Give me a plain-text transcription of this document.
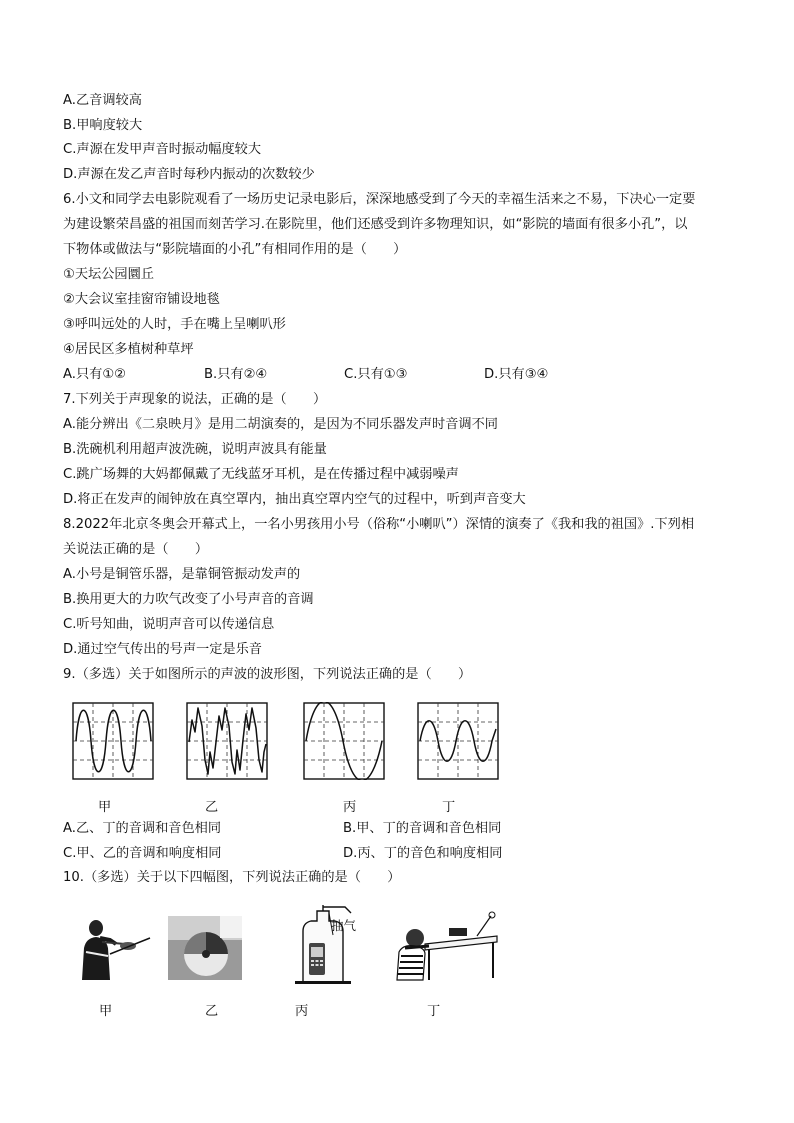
A.乙音调较高
B.甲响度较大
C.声源在发甲声音时振动幅度较大
D.声源在发乙声音时每秒内振动的次数较少
6.小文和同学去电影院观看了一场历史记录电影后，深深地感受到了今天的幸福生活来之不易，下决心一定要
为建设繁荣昌盛的祖国而刻苦学习.在影院里，他们还感受到许多物理知识，如“影院的墙面有很多小孔”，以
下物体或做法与“影院墙面的小孔”有相同作用的是（　　）
①天坛公园圜丘
②大会议室挂窗帘铺设地毯
③呼叫远处的人时，手在嘴上呈喇叭形
④居民区多植树种草坪
A.只有①②	B.只有②④	C.只有①③	D.只有③④
7.下列关于声现象的说法，正确的是（　　）
A.能分辨出《二泉映月》是用二胡演奏的，是因为不同乐器发声时音调不同
B.洗碗机利用超声波洗碗，说明声波具有能量
C.跳广场舞的大妈都佩戴了无线蓝牙耳机，是在传播过程中减弱噪声
D.将正在发声的闹钟放在真空罩内，抽出真空罩内空气的过程中，听到声音变大
8.2022年北京冬奥会开幕式上，一名小男孩用小号（俗称“小喇叭”）深情的演奏了《我和我的祖国》.下列相
关说法正确的是（　　）
A.小号是铜管乐器，是靠铜管振动发声的
B.换用更大的力吹气改变了小号声音的音调
C.听号知曲，说明声音可以传递信息
D.通过空气传出的号声一定是乐音
9.（多选）关于如图所示的声波的波形图，下列说法正确的是（　　）
甲	乙	丙	丁
A.乙、丁的音调和音色相同	B.甲、丁的音调和音色相同
C.甲、乙的音调和响度相同	D.丙、丁的音色和响度相同
10.（多选）关于以下四幅图，下列说法正确的是（　　）
甲	乙
抽气
丙	丁
